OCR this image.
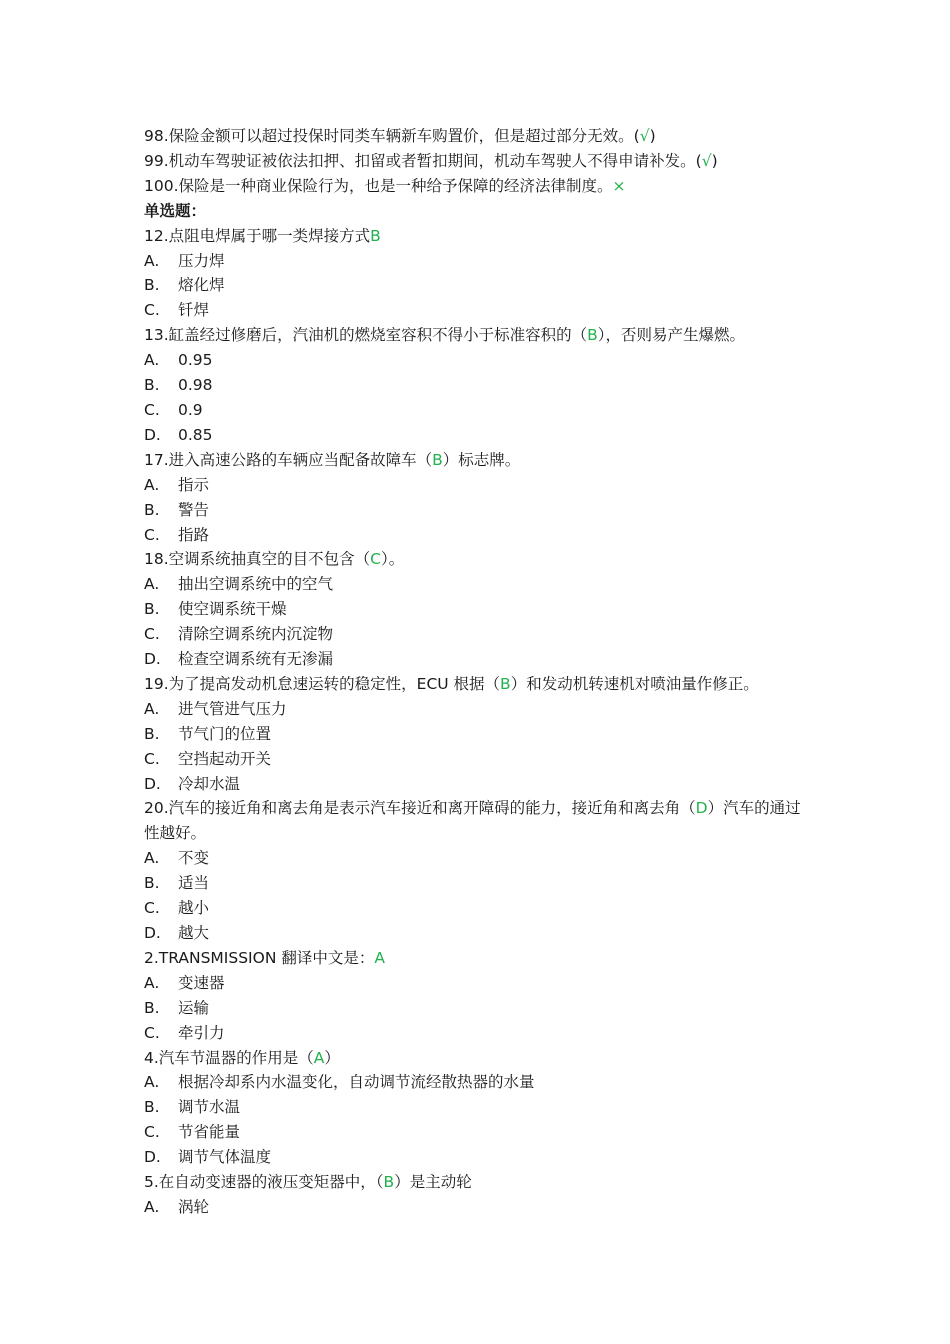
98.保险金额可以超过投保时同类车辆新车购置价，但是超过部分无效。(√)
99.机动车驾驶证被依法扣押、扣留或者暂扣期间，机动车驾驶人不得申请补发。(√)
100.保险是一种商业保险行为，也是一种给予保障的经济法律制度。×
单选题：
12.点阻电焊属于哪一类焊接方式B
A.	压力焊
B.	熔化焊
C.	钎焊
13.缸盖经过修磨后，汽油机的燃烧室容积不得小于标准容积的（B），否则易产生爆燃。
A.	0.95
B.	0.98
C.	0.9
D.	0.85
17.进入高速公路的车辆应当配备故障车（B）标志牌。
A.	指示
B.	警告
C.	指路
18.空调系统抽真空的目不包含（C）。
A.	抽出空调系统中的空气
B.	使空调系统干燥
C.	清除空调系统内沉淀物
D.	检查空调系统有无渗漏
19.为了提高发动机怠速运转的稳定性，ECU 根据（B）和发动机转速机对喷油量作修正。
A.	进气管进气压力
B.	节气门的位置
C.	空挡起动开关
D.	冷却水温
20.汽车的接近角和离去角是表示汽车接近和离开障碍的能力，接近角和离去角（D）汽车的通过性越好。
A.	不变
B.	适当
C.	越小
D.	越大
2.TRANSMISSION 翻译中文是：A
A.	变速器
B.	运输
C.	牵引力
4.汽车节温器的作用是（A）
A.	根据冷却系内水温变化，自动调节流经散热器的水量
B.	调节水温
C.	节省能量
D.	调节气体温度
5.在自动变速器的液压变矩器中，（B）是主动轮
A.	涡轮
